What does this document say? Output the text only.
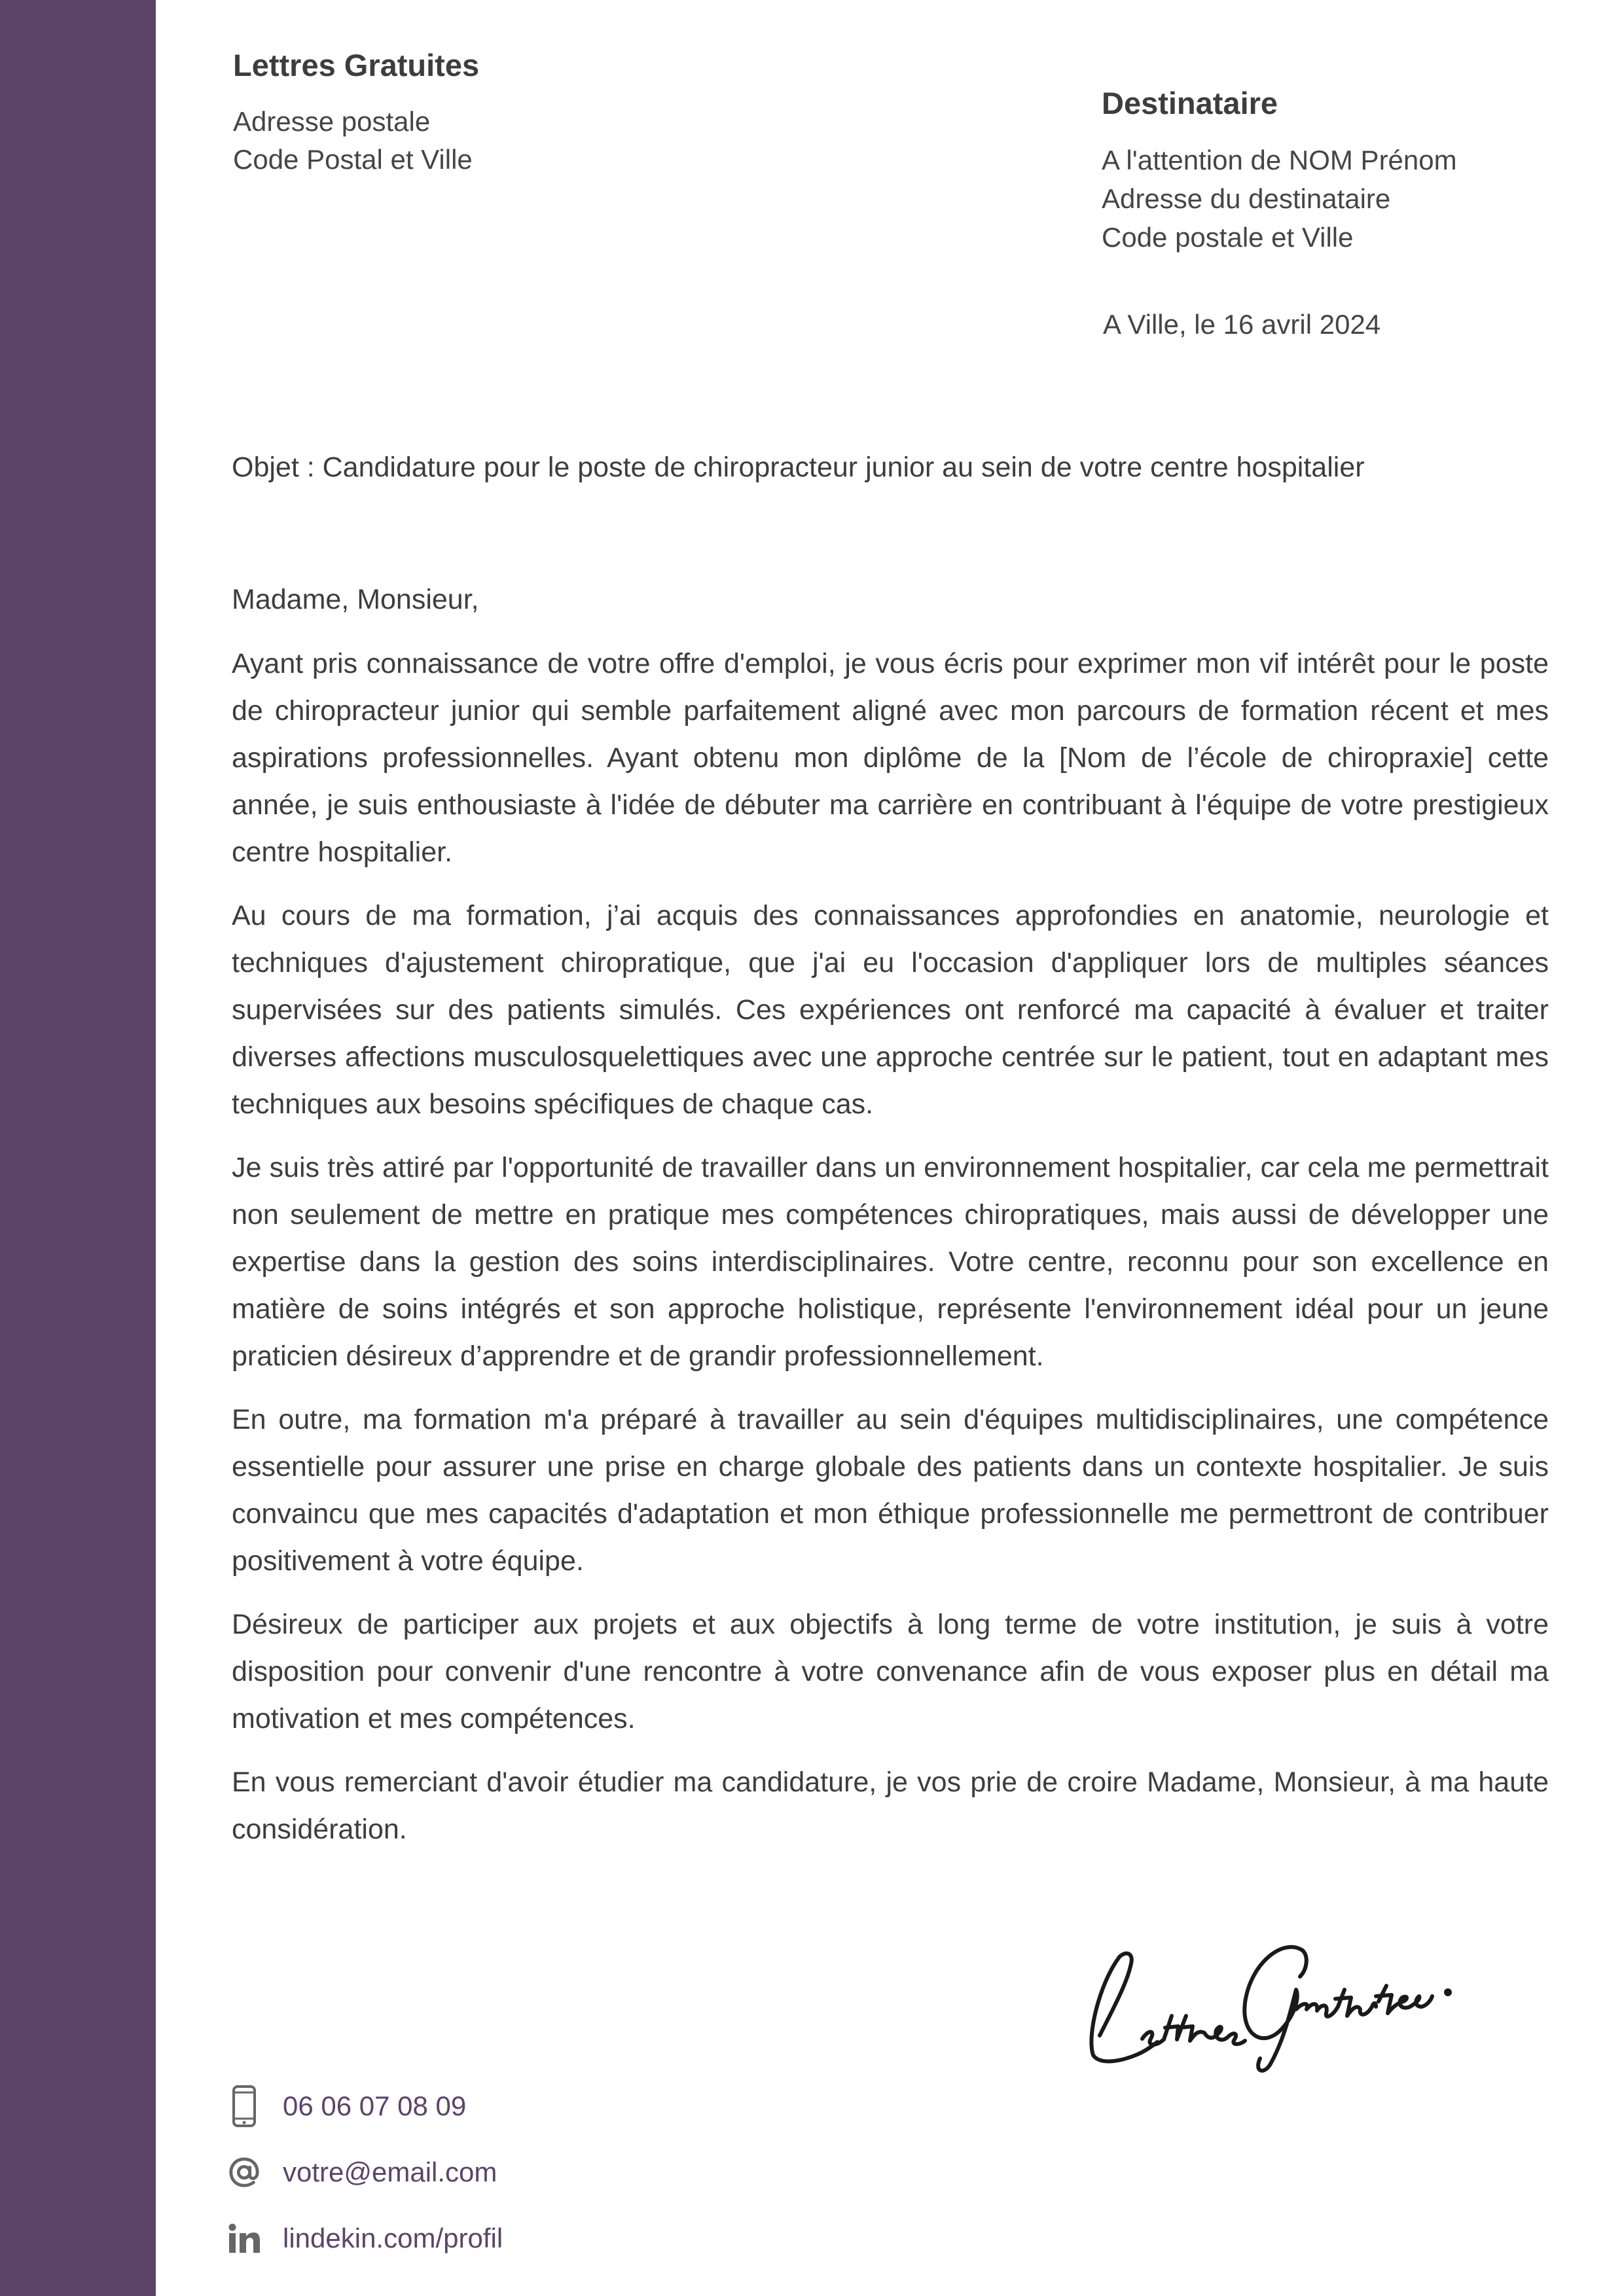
Lettres Gratuites
Adresse postale
Code Postal et Ville
Destinataire
A l'attention de NOM Prénom
Adresse du destinataire
Code postale et Ville
A Ville, le 16 avril 2024
Objet : Candidature pour le poste de chiropracteur junior au sein de votre centre hospitalier

Madame, Monsieur,

Ayant pris connaissance de votre offre d'emploi, je vous écris pour exprimer mon vif intérêt pour le poste de chiropracteur junior qui semble parfaitement aligné avec mon parcours de formation récent et mes aspirations professionnelles. Ayant obtenu mon diplôme de la [Nom de l’école de chiropraxie] cette année, je suis enthousiaste à l'idée de débuter ma carrière en contribuant à l'équipe de votre prestigieux centre hospitalier.

Au cours de ma formation, j’ai acquis des connaissances approfondies en anatomie, neurologie et techniques d'ajustement chiropratique, que j'ai eu l'occasion d'appliquer lors de multiples séances supervisées sur des patients simulés. Ces expériences ont renforcé ma capacité à évaluer et traiter diverses affections musculosquelettiques avec une approche centrée sur le patient, tout en adaptant mes techniques aux besoins spécifiques de chaque cas.

Je suis très attiré par l'opportunité de travailler dans un environnement hospitalier, car cela me permettrait non seulement de mettre en pratique mes compétences chiropratiques, mais aussi de développer une expertise dans la gestion des soins interdisciplinaires. Votre centre, reconnu pour son excellence en matière de soins intégrés et son approche holistique, représente l'environnement idéal pour un jeune praticien désireux d’apprendre et de grandir professionnellement.

En outre, ma formation m'a préparé à travailler au sein d'équipes multidisciplinaires, une compétence essentielle pour assurer une prise en charge globale des patients dans un contexte hospitalier. Je suis convaincu que mes capacités d'adaptation et mon éthique professionnelle me permettront de contribuer positivement à votre équipe.

Désireux de participer aux projets et aux objectifs à long terme de votre institution, je suis à votre disposition pour convenir d'une rencontre à votre convenance afin de vous exposer plus en détail ma motivation et mes compétences.

En vous remerciant d'avoir étudier ma candidature, je vos prie de croire Madame, Monsieur, à ma haute considération.

06 06 07 08 09
votre@email.com
lindekin.com/profil
